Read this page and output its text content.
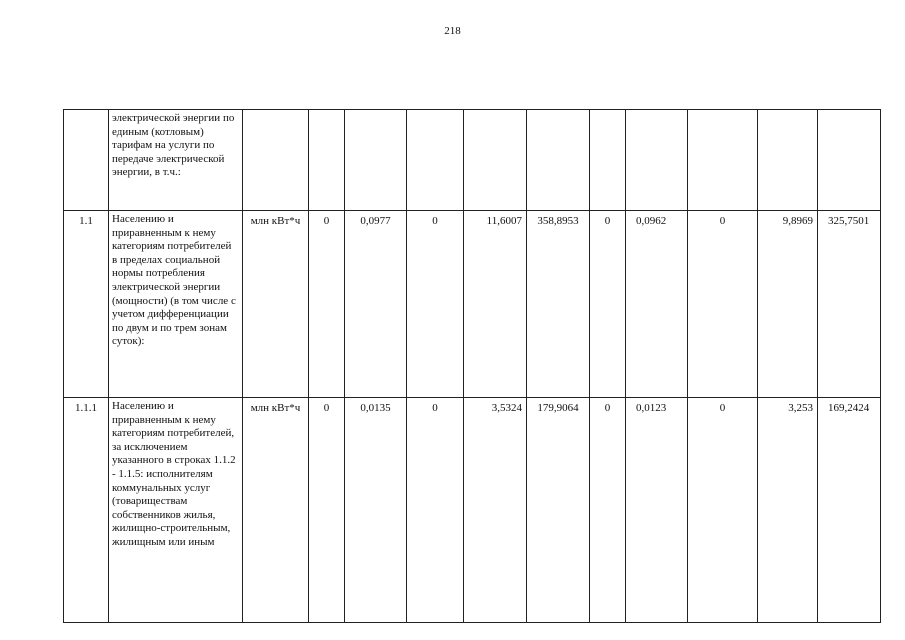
218
	электрической энергии по единым (котловым) тарифам на услуги по передаче электрической энергии, в т.ч.:											
1.1	Населению и приравненным к нему категориям потребителей в пределах социальной нормы потребления электрической энергии (мощности) (в том числе с учетом дифференциации по двум и по трем зонам суток):	млн кВт*ч	0	0,0977	0	11,6007	358,8953	0	0,0962	0	9,8969	325,7501
1.1.1	Населению и приравненным к нему категориям потребителей, за исключением указанного в строках 1.1.2 - 1.1.5: исполнителям коммунальных услуг (товариществам собственников жилья, жилищно-строительным, жилищным или иным	млн кВт*ч	0	0,0135	0	3,5324	179,9064	0	0,0123	0	3,253	169,2424
